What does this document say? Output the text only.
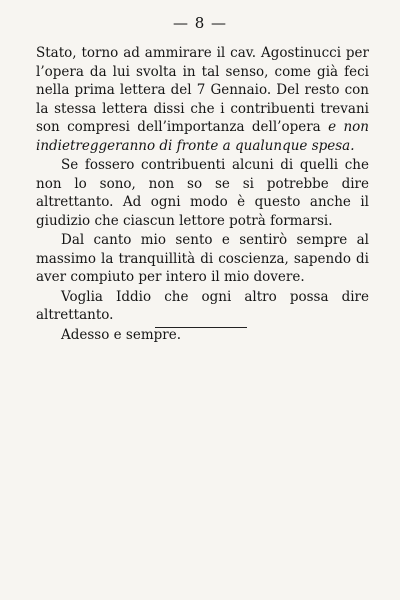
— 8 —

Stato, torno ad ammirare il cav. Agostinucci per l’opera da lui svolta in tal senso, come già feci nella prima lettera del 7 Gennaio. Del resto con la stessa lettera dissi che i contribuenti trevani son compresi dell’importanza dell’opera e non indietreggeranno di fronte a qualunque spesa.

Se fossero contribuenti alcuni di quelli che non lo sono, non so se si potrebbe dire altrettanto. Ad ogni modo è questo anche il giudizio che ciascun lettore potrà formarsi.

Dal canto mio sento e sentirò sempre al massimo la tranquillità di coscienza, sapendo di aver compiuto per intero il mio dovere.

Voglia Iddio che ogni altro possa dire altrettanto.

Adesso e sempre.
